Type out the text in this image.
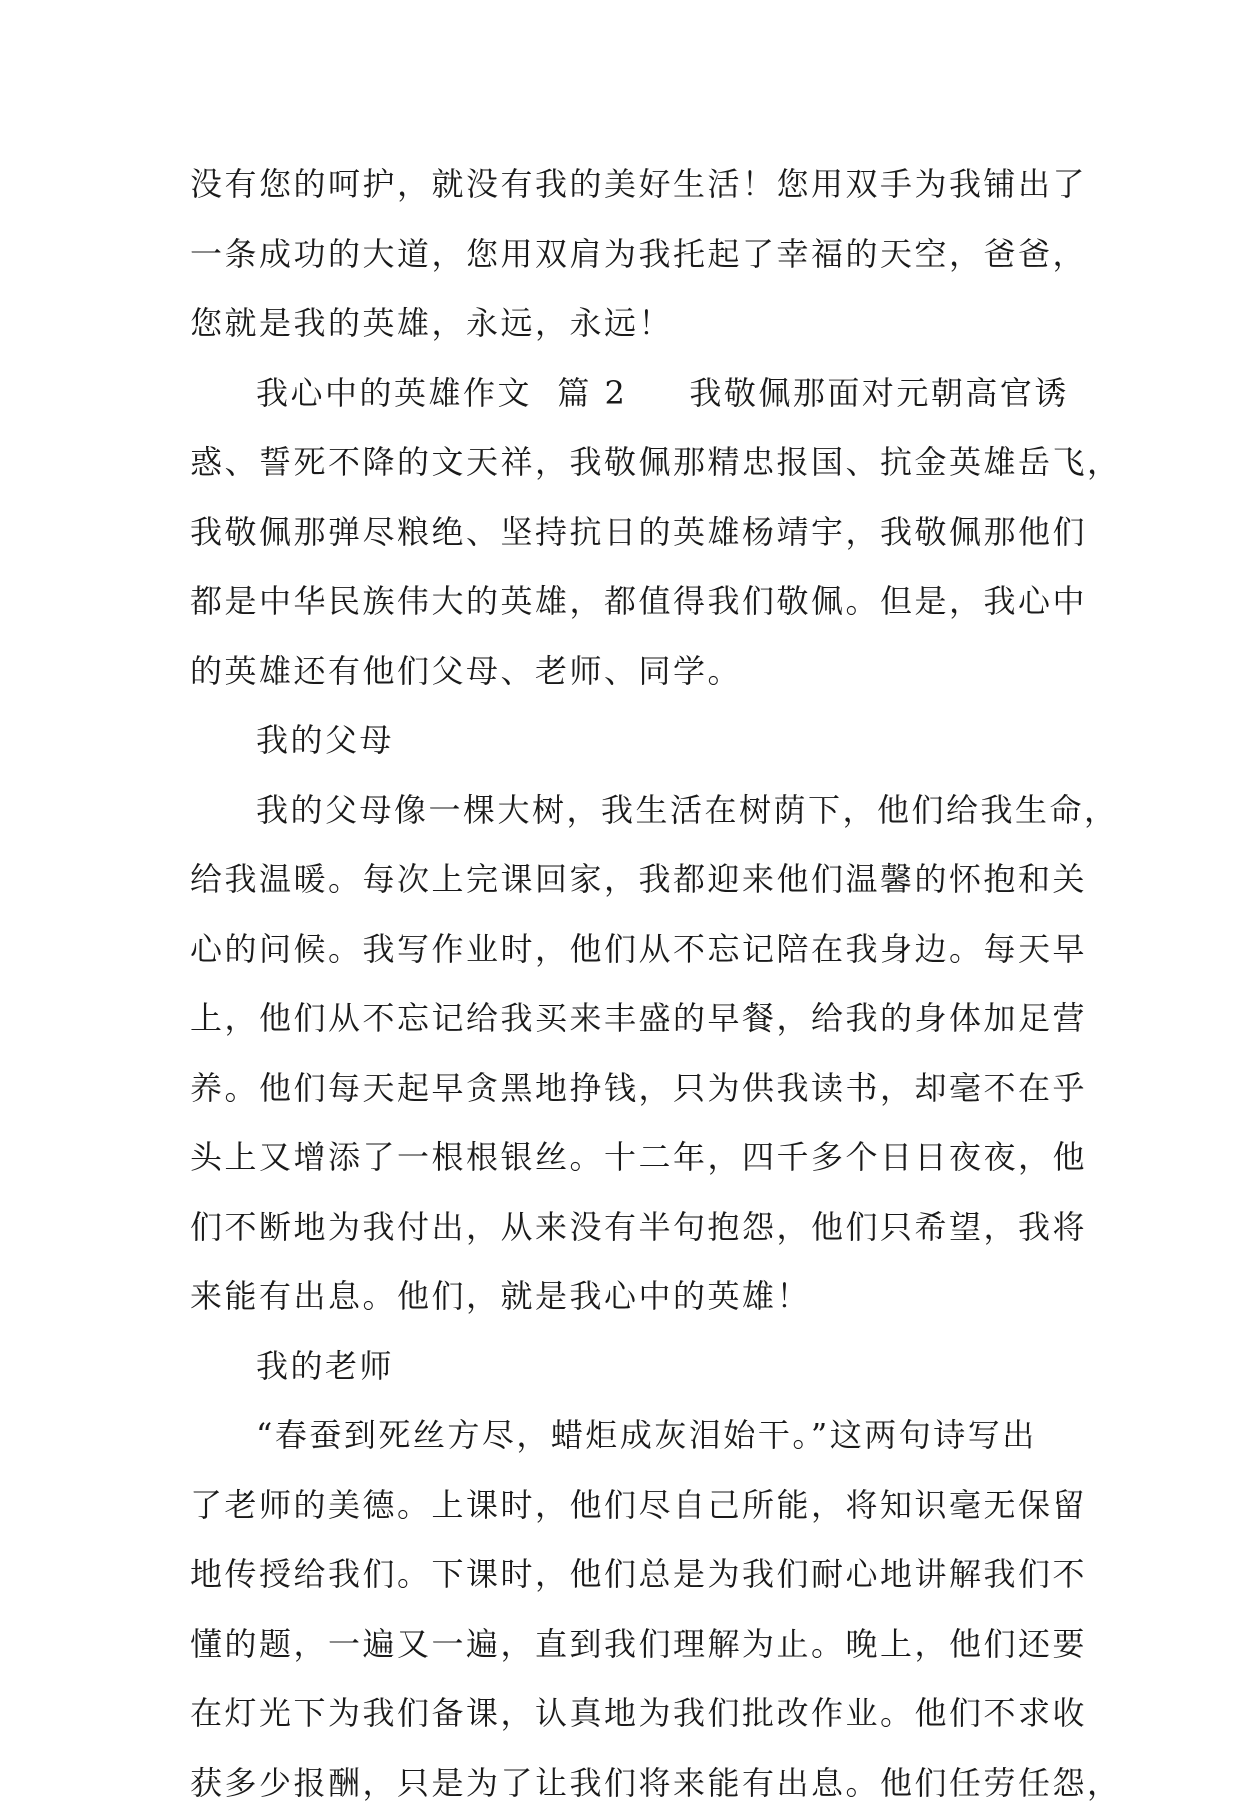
没有您的呵护，就没有我的美好生活！您用双手为我铺出了
一条成功的大道，您用双肩为我托起了幸福的天空，爸爸，
您就是我的英雄，永远，永远！
我心中的英雄作文  篇 2 我敬佩那面对元朝高官诱
惑、誓死不降的文天祥，我敬佩那精忠报国、抗金英雄岳飞，
我敬佩那弹尽粮绝、坚持抗日的英雄杨靖宇，我敬佩那他们
都是中华民族伟大的英雄，都值得我们敬佩。但是，我心中
的英雄还有他们父母、老师、同学。
我的父母
我的父母像一棵大树，我生活在树荫下，他们给我生命，
给我温暖。每次上完课回家，我都迎来他们温馨的怀抱和关
心的问候。我写作业时，他们从不忘记陪在我身边。每天早
上，他们从不忘记给我买来丰盛的早餐，给我的身体加足营
养。他们每天起早贪黑地挣钱，只为供我读书，却毫不在乎
头上又增添了一根根银丝。十二年，四千多个日日夜夜，他
们不断地为我付出，从来没有半句抱怨，他们只希望，我将
来能有出息。他们，就是我心中的英雄！
我的老师
“春蚕到死丝方尽，蜡炬成灰泪始干。”这两句诗写出
了老师的美德。上课时，他们尽自己所能，将知识毫无保留
地传授给我们。下课时，他们总是为我们耐心地讲解我们不
懂的题，一遍又一遍，直到我们理解为止。晚上，他们还要
在灯光下为我们备课，认真地为我们批改作业。他们不求收
获多少报酬，只是为了让我们将来能有出息。他们任劳任怨，
